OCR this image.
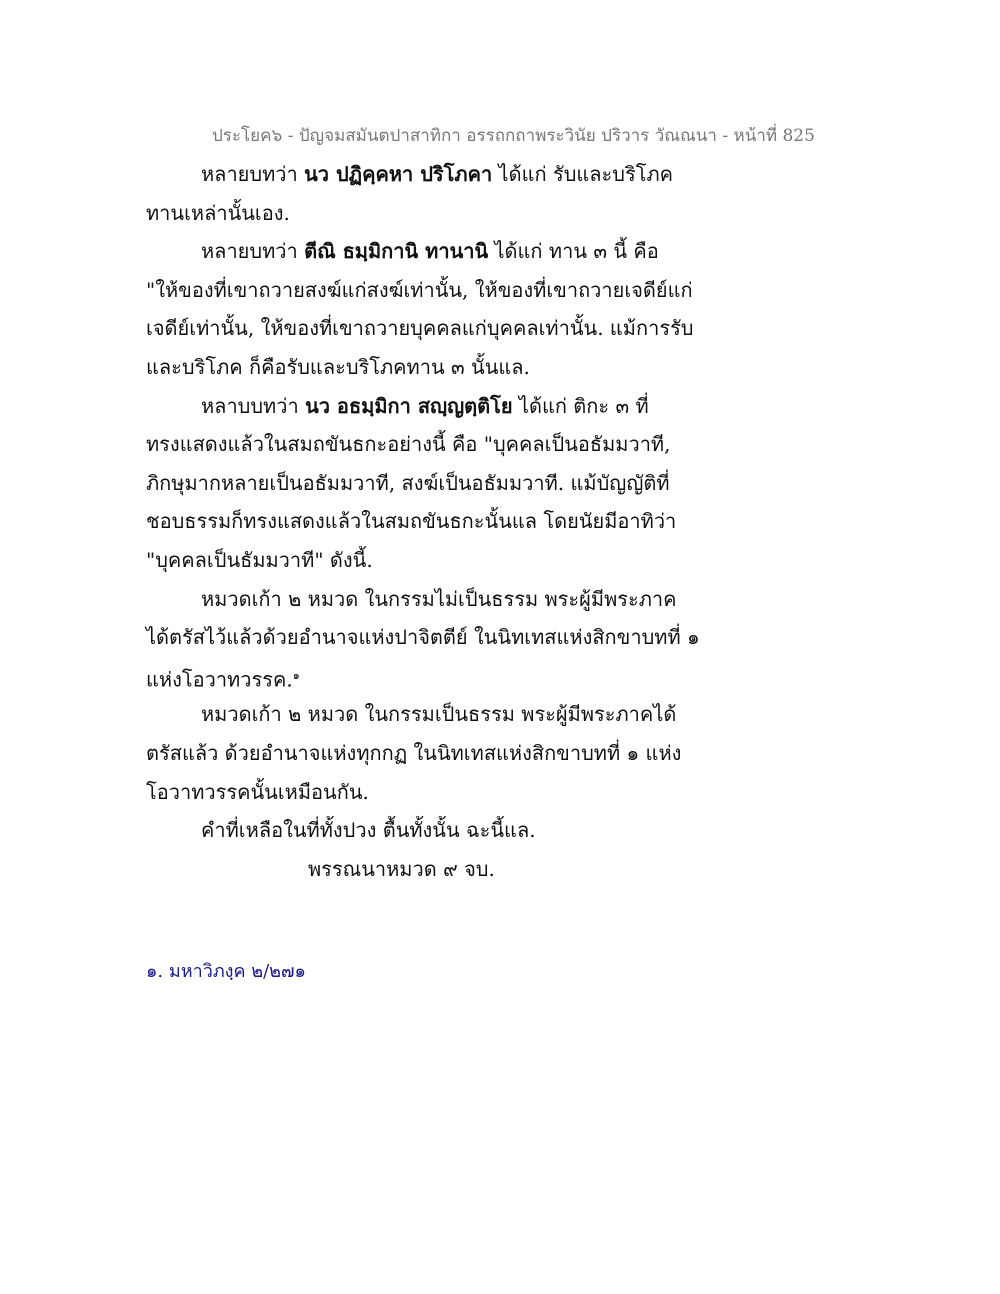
ประโยค๖ - ปัญจมสมันตปาสาทิกา อรรถกถาพระวินัย ปริวาร วัณณนา - หน้าที่ 825
หลายบทว่า นว ปฏิคฺคหา ปริโภคา ได้แก่ รับและบริโภค
ทานเหล่านั้นเอง.
หลายบทว่า ตีณิ ธมฺมิกานิ ทานานิ ได้แก่ ทาน ๓ นี้ คือ
"ให้ของที่เขาถวายสงฆ์แก่สงฆ์เท่านั้น, ให้ของที่เขาถวายเจดีย์แก่
เจดีย์เท่านั้น, ให้ของที่เขาถวายบุคคลแก่บุคคลเท่านั้น. แม้การรับ
และบริโภค ก็คือรับและบริโภคทาน ๓ นั้นแล.
หลาบบทว่า นว อธมฺมิกา สญฺญตฺติโย ได้แก่ ติกะ ๓ ที่
ทรงแสดงแล้วในสมถขันธกะอย่างนี้ คือ "บุคคลเป็นอธัมมวาที,
ภิกษุมากหลายเป็นอธัมมวาที, สงฆ์เป็นอธัมมวาที. แม้บัญญัติที่
ชอบธรรมก็ทรงแสดงแล้วในสมถขันธกะนั้นแล โดยนัยมีอาทิว่า
"บุคคลเป็นธัมมวาที" ดังนี้.
หมวดเก้า ๒ หมวด ในกรรมไม่เป็นธรรม พระผู้มีพระภาค
ได้ตรัสไว้แล้วด้วยอำนาจแห่งปาจิตตีย์ ในนิทเทสแห่งสิกขาบทที่ ๑
แห่งโอวาทวรรค.$^๑$
หมวดเก้า ๒ หมวด ในกรรมเป็นธรรม พระผู้มีพระภาคได้
ตรัสแล้ว ด้วยอำนาจแห่งทุกกฏ ในนิทเทสแห่งสิกขาบทที่ ๑ แห่ง
โอวาทวรรคนั้นเหมือนกัน.
คำที่เหลือในที่ทั้งปวง ตื้นทั้งนั้น ฉะนี้แล.
พรรณนาหมวด ๙ จบ.
๑. มหาวิภงฺค ๒/๒๗๑
